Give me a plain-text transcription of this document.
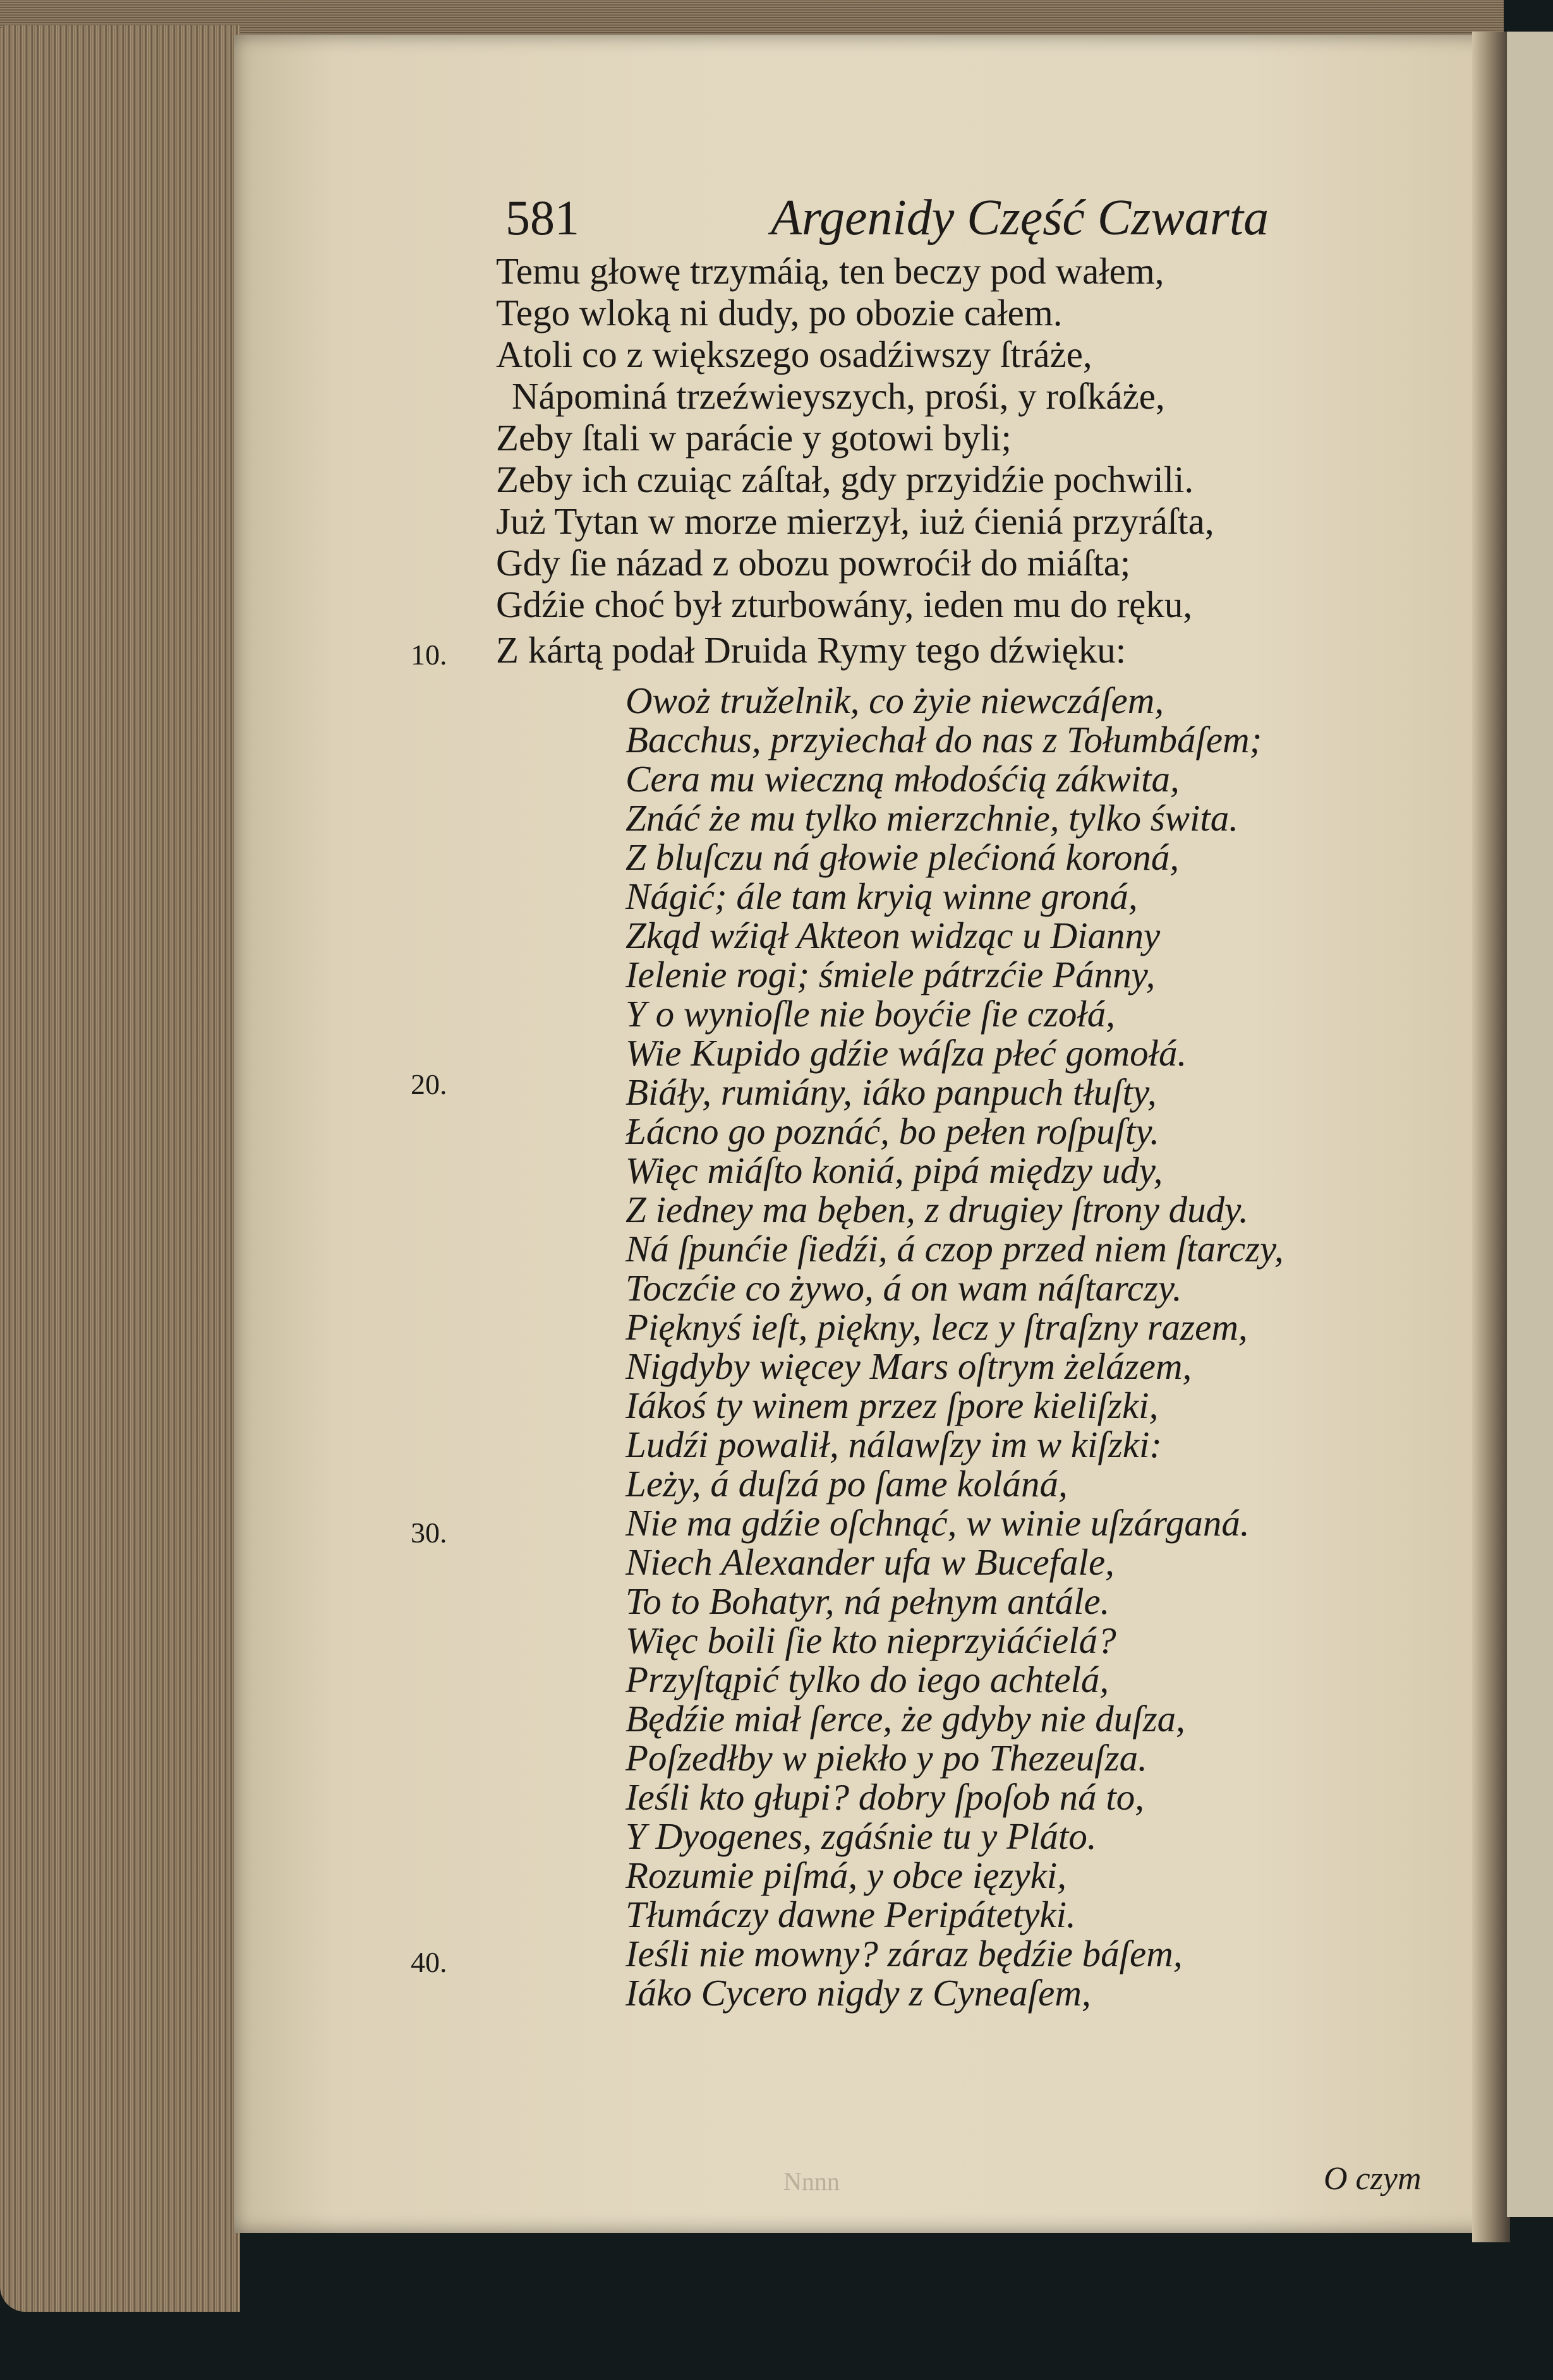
581	Argenidy Część Czwarta
10.
20.
30.
40.
Temu głowę trzymáią, ten beczy pod wałem,
Tego wloką ni dudy, po obozie całem.
Atoli co z większego osadźiwszy ſtráże,
Nápominá trzeźwieyszych, prośi, y roſkáże,
Zeby ſtali w parácie y gotowi byli;
Zeby ich czuiąc záſtał, gdy przyidźie pochwili.
Już Tytan w morze mierzył, iuż ćieniá przyráſta,
Gdy ſie názad z obozu powroćił do miáſta;
Gdźie choć był zturbowány, ieden mu do ręku,
Z kártą podał Druida Rymy tego dźwięku:
Owoż truželnik, co żyie niewczáſem,
Bacchus, przyiechał do nas z Tołumbáſem;
Cera mu wieczną młodośćią zákwita,
Znáć że mu tylko mierzchnie, tylko świta.
Z bluſczu ná głowie plećioná koroná,
Nágić; ále tam kryią winne groná,
Zkąd wźiął Akteon widząc u Dianny
Ielenie rogi; śmiele pátrzćie Pánny,
Y o wynioſle nie boyćie ſie czołá,
Wie Kupido gdźie wáſza płeć gomołá.
Biáły, rumiány, iáko panpuch tłuſty,
Łácno go poznáć, bo pełen roſpuſty.
Więc miáſto koniá, pipá między udy,
Z iedney ma bęben, z drugiey ſtrony dudy.
Ná ſpunćie ſiedźi, á czop przed niem ſtarczy,
Toczćie co żywo, á on wam náſtarczy.
Pięknyś ieſt, piękny, lecz y ſtraſzny razem,
Nigdyby więcey Mars oſtrym żelázem,
Iákoś ty winem przez ſpore kieliſzki,
Ludźi powalił, nálawſzy im w kiſzki:
Leży, á duſzá po ſame koláná,
Nie ma gdźie oſchnąć, w winie uſzárganá.
Niech Alexander ufa w Bucefale,
To to Bohatyr, ná pełnym antále.
Więc boili ſie kto nieprzyiáćielá?
Przyſtąpić tylko do iego achtelá,
Będźie miał ſerce, że gdyby nie duſza,
Poſzedłby w piekło y po Thezeuſza.
Ieśli kto głupi? dobry ſpoſob ná to,
Y Dyogenes, zgáśnie tu y Pláto.
Rozumie piſmá, y obce ięzyki,
Tłumáczy dawne Peripátetyki.
Ieśli nie mowny? záraz będźie báſem,
Iáko Cycero nigdy z Cyneaſem,
Nnnn	O czym
